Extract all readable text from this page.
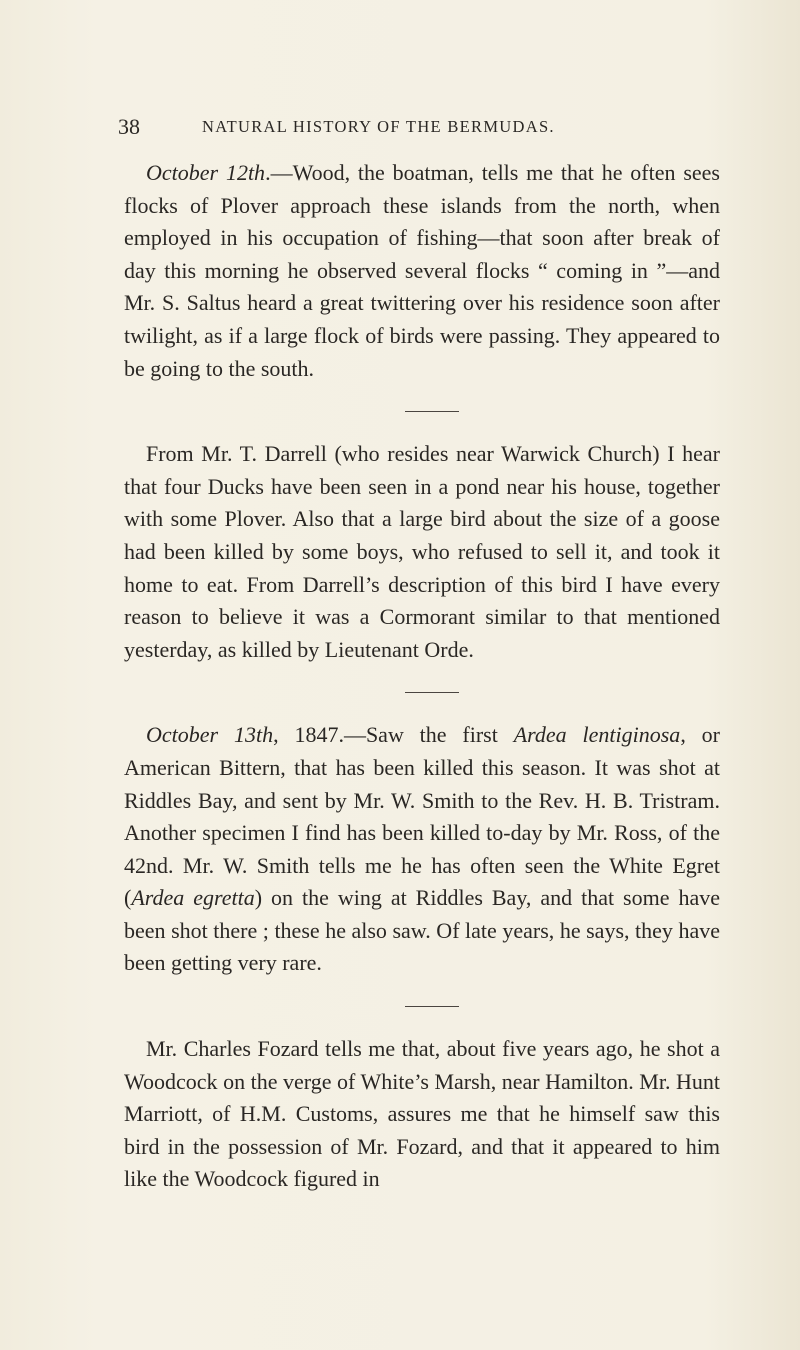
38	NATURAL HISTORY OF THE BERMUDAS.

October 12th.—Wood, the boatman, tells me that he often sees flocks of Plover approach these islands from the north, when employed in his occupation of fishing—that soon after break of day this morning he observed several flocks “ coming in ”—and Mr. S. Saltus heard a great twittering over his residence soon after twilight, as if a large flock of birds were passing. They appeared to be going to the south.

From Mr. T. Darrell (who resides near Warwick Church) I hear that four Ducks have been seen in a pond near his house, together with some Plover. Also that a large bird about the size of a goose had been killed by some boys, who refused to sell it, and took it home to eat. From Darrell’s description of this bird I have every reason to believe it was a Cormorant similar to that mentioned yesterday, as killed by Lieutenant Orde.

October 13th, 1847.—Saw the first Ardea lentiginosa, or American Bittern, that has been killed this season. It was shot at Riddles Bay, and sent by Mr. W. Smith to the Rev. H. B. Tristram. Another specimen I find has been killed to-day by Mr. Ross, of the 42nd. Mr. W. Smith tells me he has often seen the White Egret (Ardea egretta) on the wing at Riddles Bay, and that some have been shot there ; these he also saw. Of late years, he says, they have been getting very rare.

Mr. Charles Fozard tells me that, about five years ago, he shot a Woodcock on the verge of White’s Marsh, near Hamilton. Mr. Hunt Marriott, of H.M. Customs, assures me that he himself saw this bird in the possession of Mr. Fozard, and that it appeared to him like the Woodcock figured in
